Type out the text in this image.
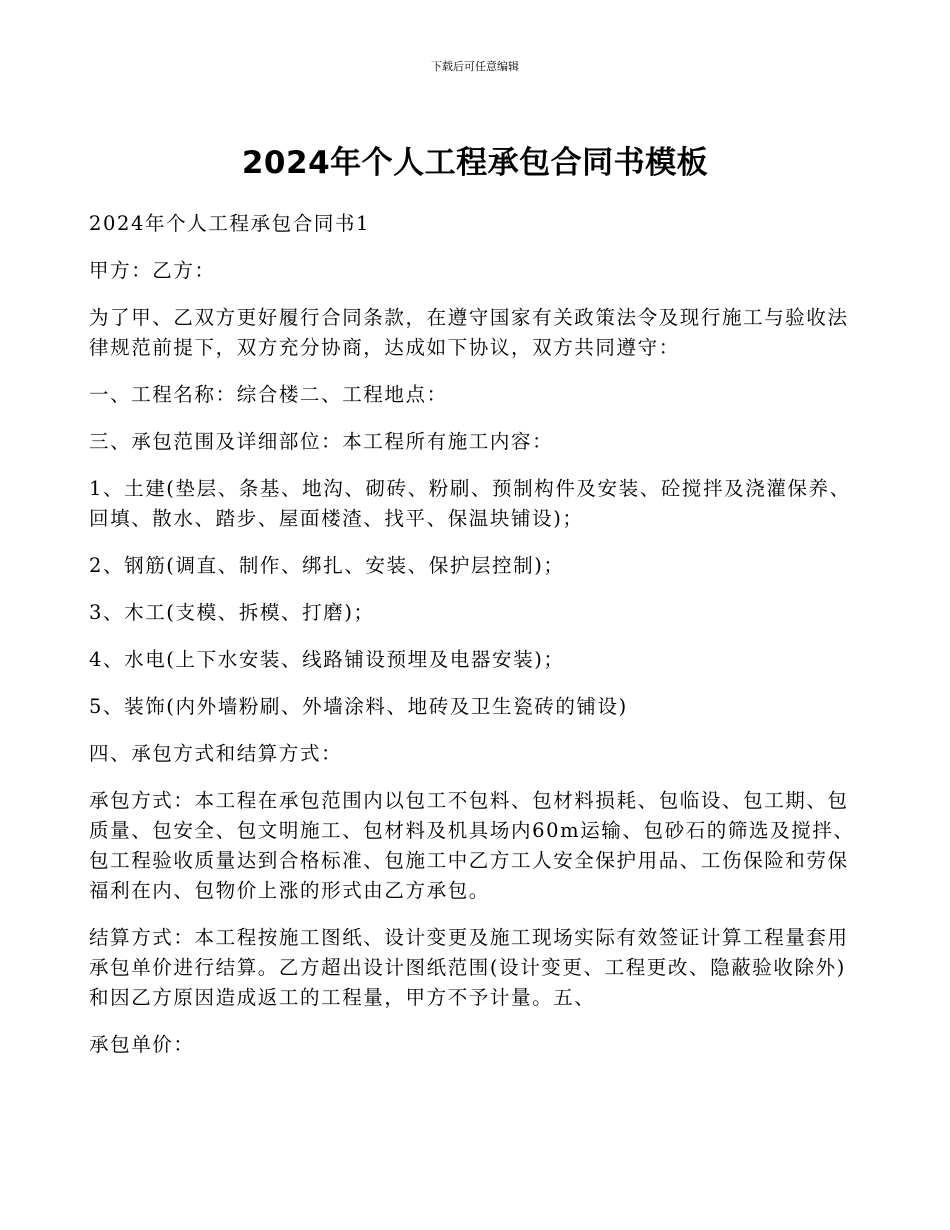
下载后可任意编辑
2024年个人工程承包合同书模板

2024年个人工程承包合同书1

甲方：乙方：

为了甲、乙双方更好履行合同条款，在遵守国家有关政策法令及现行施工与验收法律规范前提下，双方充分协商，达成如下协议，双方共同遵守：

一、工程名称：综合楼二、工程地点：

三、承包范围及详细部位：本工程所有施工内容：

1、土建(垫层、条基、地沟、砌砖、粉刷、预制构件及安装、砼搅拌及浇灌保养、回填、散水、踏步、屋面楼渣、找平、保温块铺设)；

2、钢筋(调直、制作、绑扎、安装、保护层控制)；

3、木工(支模、拆模、打磨)；

4、水电(上下水安装、线路铺设预埋及电器安装)；

5、装饰(内外墙粉刷、外墙涂料、地砖及卫生瓷砖的铺设)

四、承包方式和结算方式：

承包方式：本工程在承包范围内以包工不包料、包材料损耗、包临设、包工期、包质量、包安全、包文明施工、包材料及机具场内60m运输、包砂石的筛选及搅拌、包工程验收质量达到合格标准、包施工中乙方工人安全保护用品、工伤保险和劳保福利在内、包物价上涨的形式由乙方承包。

结算方式：本工程按施工图纸、设计变更及施工现场实际有效签证计算工程量套用承包单价进行结算。乙方超出设计图纸范围(设计变更、工程更改、隐蔽验收除外)和因乙方原因造成返工的工程量，甲方不予计量。五、

承包单价：
